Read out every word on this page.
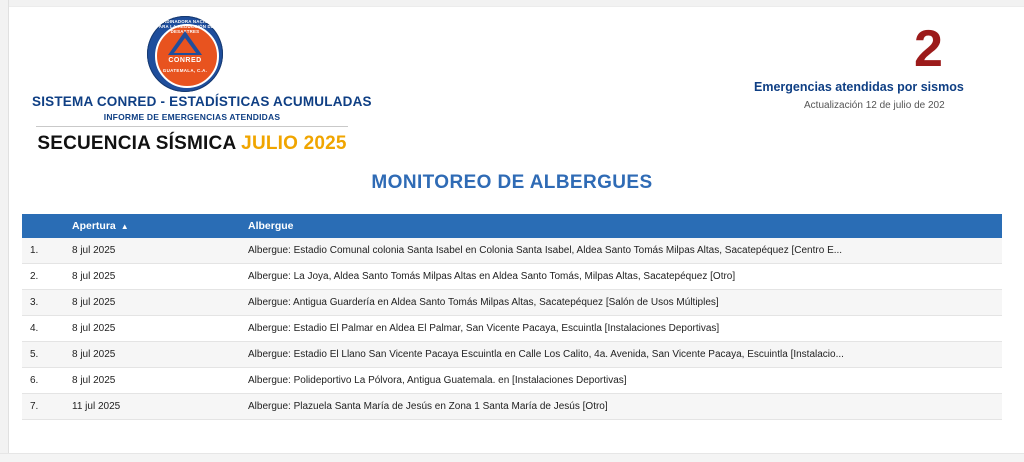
COORDINADORA NACIONAL PARA LA REDUCCIÓN DE DESASTRES
CONRED
GUATEMALA, C.A.
SISTEMA CONRED - ESTADÍSTICAS ACUMULADAS
INFORME DE EMERGENCIAS ATENDIDAS
SECUENCIA SÍSMICA JULIO 2025
2
Emergencias atendidas por sismos
Actualización 12 de julio de 202
MONITOREO DE ALBERGUES
	Apertura ▲	Albergue
1.	8 jul 2025	Albergue: Estadio Comunal colonia Santa Isabel en Colonia Santa Isabel, Aldea Santo Tomás Milpas Altas, Sacatepéquez [Centro E...
2.	8 jul 2025	Albergue: La Joya, Aldea Santo Tomás Milpas Altas en Aldea Santo Tomás, Milpas Altas, Sacatepéquez [Otro]
3.	8 jul 2025	Albergue: Antigua Guardería en Aldea Santo Tomás Milpas Altas, Sacatepéquez [Salón de Usos Múltiples]
4.	8 jul 2025	Albergue: Estadio El Palmar en Aldea El Palmar, San Vicente Pacaya, Escuintla [Instalaciones Deportivas]
5.	8 jul 2025	Albergue: Estadio El Llano San Vicente Pacaya Escuintla en Calle Los Calito, 4a. Avenida, San Vicente Pacaya, Escuintla [Instalacio...
6.	8 jul 2025	Albergue: Polideportivo La Pólvora, Antigua Guatemala. en [Instalaciones Deportivas]
7.	11 jul 2025	Albergue: Plazuela Santa María de Jesús en Zona 1 Santa María de Jesús [Otro]
